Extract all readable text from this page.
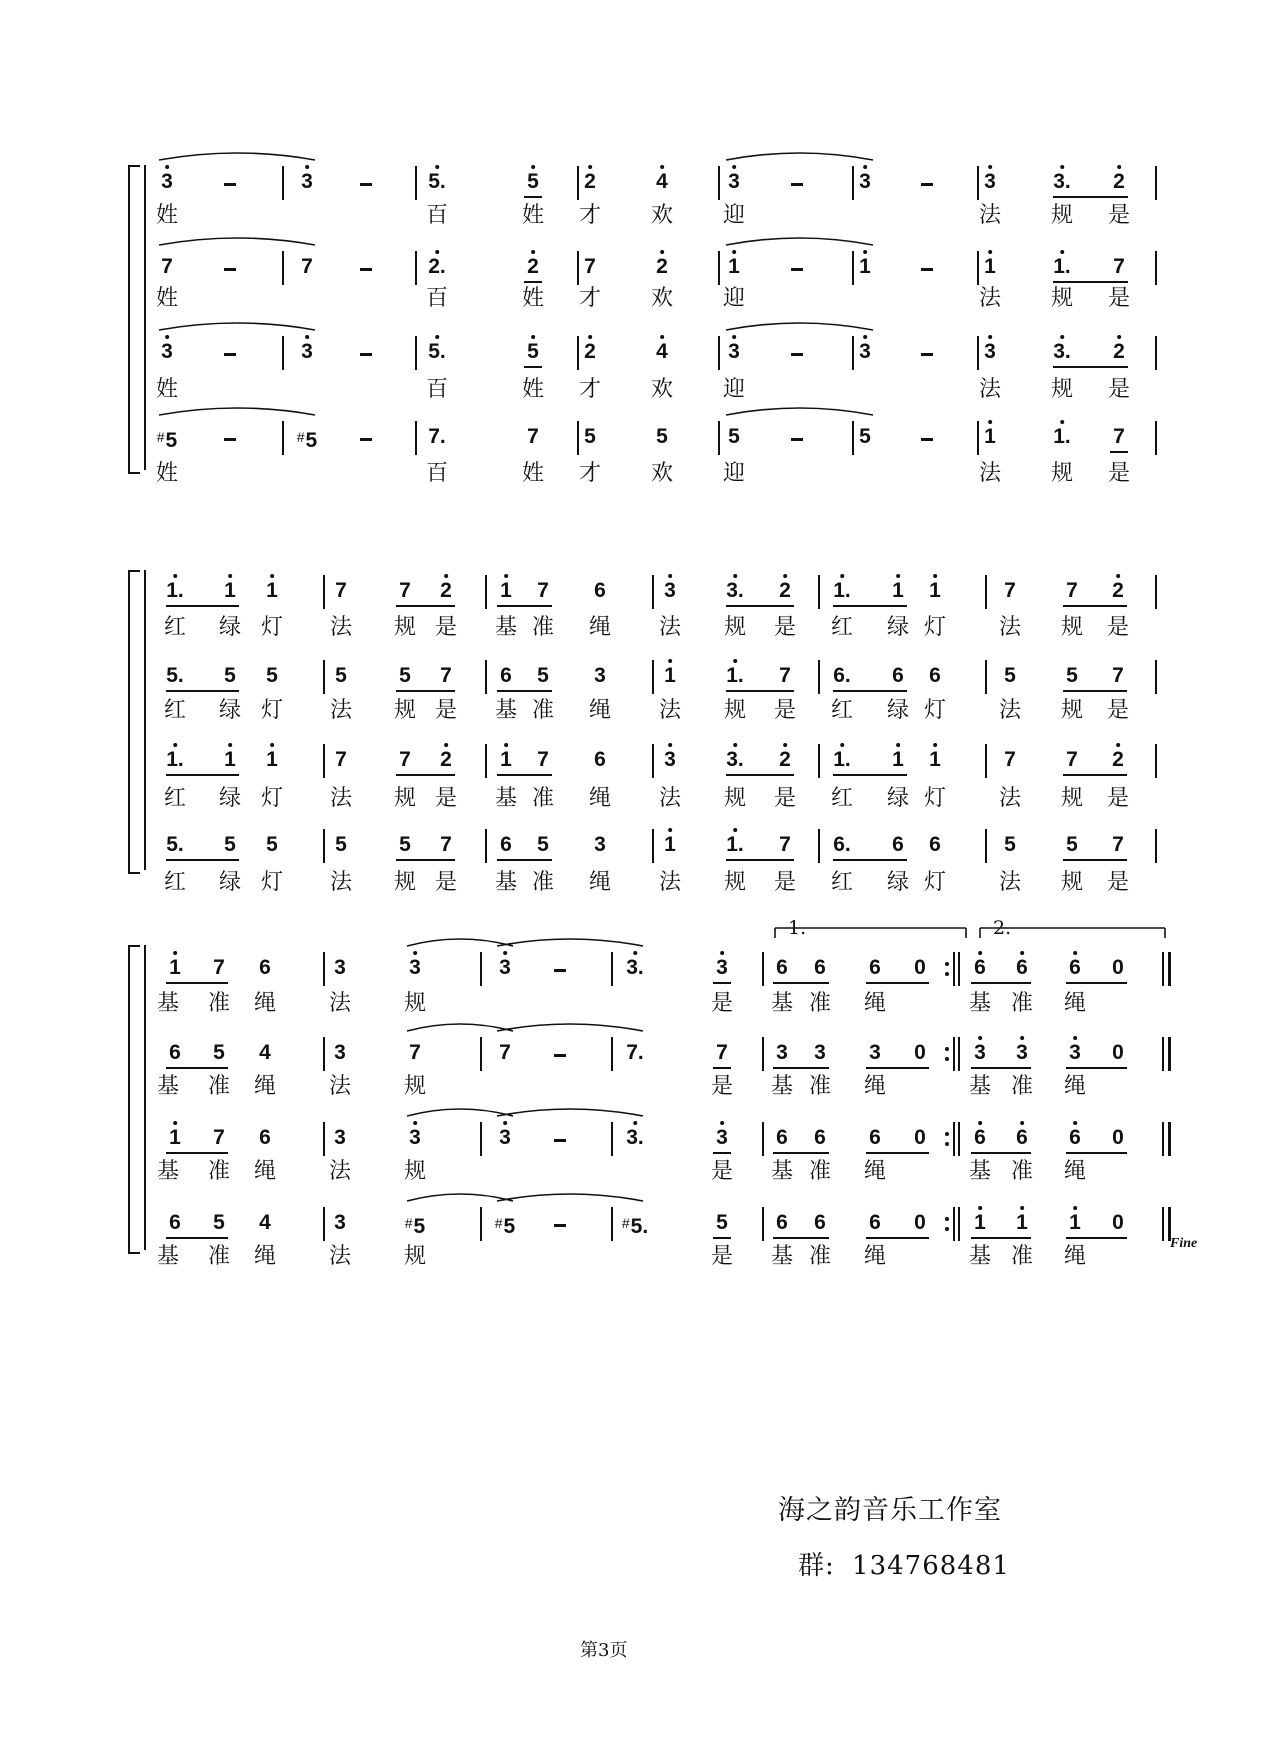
3	3	5.	5 2	4	3	3	3	3. 2
姓	百	姓 才 欢 迎	法 规 是
7	7	2.	2 7	2	1	1	1	1. 7
姓	百	姓 才 欢 迎	法 规 是
3	3	5.	5 2	4	3	3	3	3. 2
姓	百	姓 才 欢 迎	法 规 是
#5	#5	7.	7 5	5	5	5	1	1. 7
姓	百	姓 才 欢 迎	法 规 是
1. 1 1	7 7 2 1 7 6	3 3. 2 1. 1 1	7 7 2
红 绿 灯 法 规 是 基 准 绳 法 规 是 红 绿 灯 法 规 是
5. 5 5	5 5 7 6 5 3	1 1. 7 6. 6 6	5 5 7
红 绿 灯 法 规 是 基 准 绳 法 规 是 红 绿 灯 法 规 是
1. 1 1	7 7 2 1 7 6	3 3. 2 1. 1 1	7 7 2
红 绿 灯 法 规 是 基 准 绳 法 规 是 红 绿 灯 法 规 是
5. 5 5	5 5 7 6 5 3	1 1. 7 6. 6 6	5 5 7
红 绿 灯 法 规 是 基 准 绳 法 规 是 红 绿 灯 法 规 是
1 7 6	3	3	3	3.	3 6 6 6 0 6 6 6 0
基 准 绳 法 规	是 基 准 绳	基 准 绳
6 5 4	3	7	7	7.	7 3 3 3 0 3 3 3 0
基 准 绳 法 规	是 基 准 绳	基 准 绳
1 7 6	3	3	3	3.	3 6 6 6 0 6 6 6 0
基 准 绳 法 规	是 基 准 绳	基 准 绳
6 5 4	3	#5	#5	#5.	5 6 6 6 0 1 1 1 0
基 准 绳 法 规	是 基 准 绳	基 准 绳
1.	2.
Fine
海之韵音乐工作室
群: 134768481
第3页
